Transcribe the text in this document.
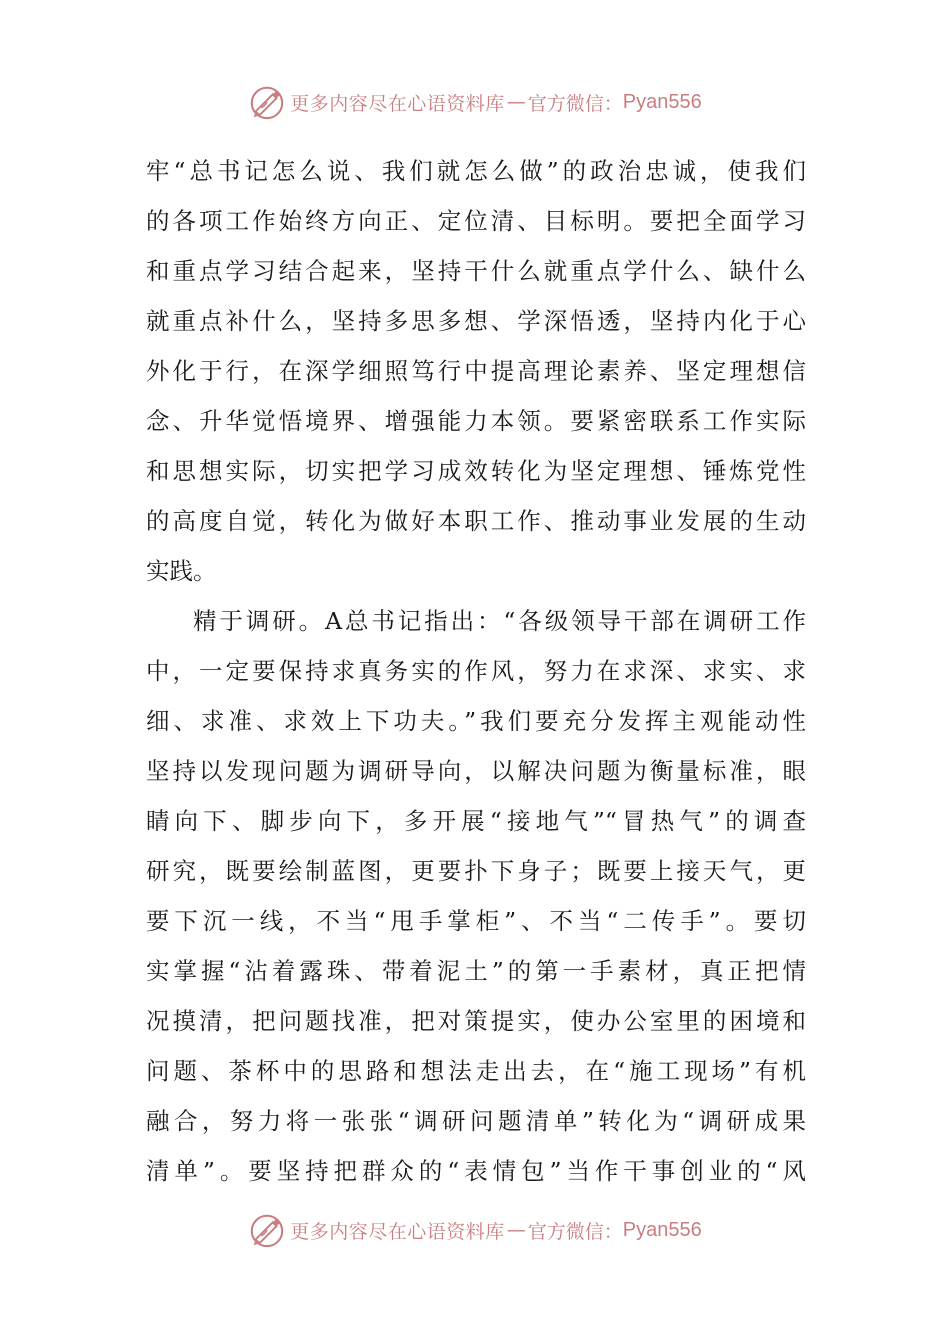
更多内容尽在心语资料库 — 官方微信： Pyan556
牢“总书记怎么说、我们就怎么做”的政治忠诚，使我们
的各项工作始终方向正、定位清、目标明。要把全面学习
和重点学习结合起来，坚持干什么就重点学什么、缺什么
就重点补什么，坚持多思多想、学深悟透，坚持内化于心
外化于行，在深学细照笃行中提高理论素养、坚定理想信
念、升华觉悟境界、增强能力本领。要紧密联系工作实际
和思想实际，切实把学习成效转化为坚定理想、锤炼党性
的高度自觉，转化为做好本职工作、推动事业发展的生动
实践。
精于调研。A总书记指出：“各级领导干部在调研工作
中，一定要保持求真务实的作风，努力在求深、求实、求
细、求准、求效上下功夫。”我们要充分发挥主观能动性
坚持以发现问题为调研导向，以解决问题为衡量标准，眼
睛向下、脚步向下，多开展“接地气”“冒热气”的调查
研究，既要绘制蓝图，更要扑下身子；既要上接天气，更
要下沉一线，不当“甩手掌柜”、不当“二传手”。要切
实掌握“沾着露珠、带着泥土”的第一手素材，真正把情
况摸清，把问题找准，把对策提实，使办公室里的困境和
问题、茶杯中的思路和想法走出去，在“施工现场”有机
融合，努力将一张张“调研问题清单”转化为“调研成果
清单”。要坚持把群众的“表情包”当作干事创业的“风
更多内容尽在心语资料库 — 官方微信： Pyan556
